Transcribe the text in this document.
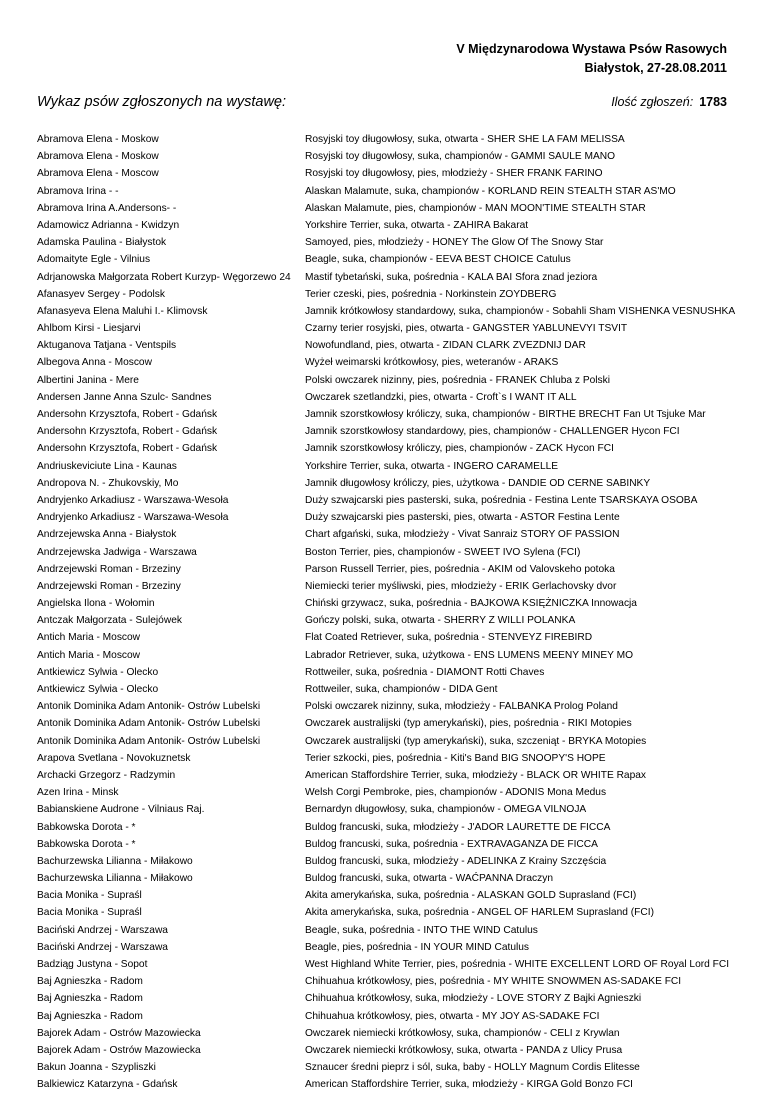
V Międzynarodowa Wystawa Psów Rasowych
Białystok, 27-28.08.2011
Wykaz psów zgłoszonych na wystawę:	Ilość zgłoszeń: 1783
Abramova Elena - Moskow	Rosyjski toy długowłosy, suka, otwarta - SHER SHE LA FAM MELISSA
Abramova Elena - Moskow	Rosyjski toy długowłosy, suka, championów - GAMMI SAULE MANO
Abramova Elena - Moscow	Rosyjski toy długowłosy, pies, młodzieży - SHER FRANK FARINO
Abramova Irina - -	Alaskan Malamute, suka, championów - KORLAND REIN STEALTH STAR AS'MO
Abramova Irina A.Andersons- -	Alaskan Malamute, pies, championów - MAN MOON'TIME STEALTH STAR
Adamowicz Adrianna - Kwidzyn	Yorkshire Terrier, suka, otwarta - ZAHIRA Bakarat
Adamska Paulina - Białystok	Samoyed, pies, młodzieży - HONEY The Glow Of The Snowy Star
Adomaityte Egle - Vilnius	Beagle, suka, championów - EEVA BEST CHOICE Catulus
Adrjanowska Małgorzata Robert Kurzyp- Węgorzewo 24	Mastif tybetański, suka, pośrednia - KALA BAI Sfora znad jeziora
Afanasyev Sergey - Podolsk	Terier czeski, pies, pośrednia - Norkinstein ZOYDBERG
Afanasyeva Elena Maluhi I.- Klimovsk	Jamnik krótkowłosy standardowy, suka, championów - Sobahli Sham VISHENKA VESNUSHKA
Ahlbom Kirsi - Liesjarvi	Czarny terier rosyjski, pies, otwarta - GANGSTER YABLUNEVYI TSVIT
Aktuganova Tatjana - Ventspils	Nowofundland, pies, otwarta - ZIDAN CLARK ZVEZDNIJ DAR
Albegova Anna - Moscow	Wyżeł weimarski krótkowłosy, pies, weteranów - ARAKS
Albertini Janina - Mere	Polski owczarek nizinny, pies, pośrednia - FRANEK Chluba z Polski
Andersen Janne Anna Szulc- Sandnes	Owczarek szetlandzki, pies, otwarta - Croft`s I WANT IT ALL
Andersohn Krzysztofa, Robert - Gdańsk	Jamnik szorstkowłosy króliczy, suka, championów - BIRTHE BRECHT Fan Ut Tsjuke Mar
Andersohn Krzysztofa, Robert - Gdańsk	Jamnik szorstkowłosy standardowy, pies, championów - CHALLENGER Hycon FCI
Andersohn Krzysztofa, Robert - Gdańsk	Jamnik szorstkowłosy króliczy, pies, championów - ZACK Hycon FCI
Andriuskeviciute Lina - Kaunas	Yorkshire Terrier, suka, otwarta - INGERO CARAMELLE
Andropova N. - Zhukovskiy, Mo	Jamnik długowłosy króliczy, pies, użytkowa - DANDIE OD CERNE SABINKY
Andryjenko Arkadiusz - Warszawa-Wesoła	Duży szwajcarski pies pasterski, suka, pośrednia - Festina Lente TSARSKAYA OSOBA
Andryjenko Arkadiusz - Warszawa-Wesoła	Duży szwajcarski pies pasterski, pies, otwarta - ASTOR Festina Lente
Andrzejewska Anna - Białystok	Chart afgański, suka, młodzieży - Vivat Sanraiz STORY OF PASSION
Andrzejewska Jadwiga - Warszawa	Boston Terrier, pies, championów - SWEET IVO Sylena (FCI)
Andrzejewski Roman - Brzeziny	Parson Russell Terrier, pies, pośrednia - AKIM od Valovskeho potoka
Andrzejewski Roman - Brzeziny	Niemiecki terier myśliwski, pies, młodzieży - ERIK Gerlachovsky dvor
Angielska Ilona - Wołomin	Chiński grzywacz, suka, pośrednia - BAJKOWA KSIĘŻNICZKA Innowacja
Antczak Małgorzata - Sulejówek	Gończy polski, suka, otwarta - SHERRY Z WILLI POLANKA
Antich Maria - Moscow	Flat Coated Retriever, suka, pośrednia - STENVEYZ FIREBIRD
Antich Maria - Moscow	Labrador Retriever, suka, użytkowa - ENS LUMENS MEENY MINEY MO
Antkiewicz Sylwia - Olecko	Rottweiler, suka, pośrednia - DIAMONT Rotti Chaves
Antkiewicz Sylwia - Olecko	Rottweiler, suka, championów - DIDA Gent
Antonik Dominika Adam Antonik- Ostrów Lubelski	Polski owczarek nizinny, suka, młodzieży - FALBANKA Prolog Poland
Antonik Dominika Adam Antonik- Ostrów Lubelski	Owczarek australijski (typ amerykański), pies, pośrednia - RIKI Motopies
Antonik Dominika Adam Antonik- Ostrów Lubelski	Owczarek australijski (typ amerykański), suka, szczeniąt - BRYKA Motopies
Arapova Svetlana - Novokuznetsk	Terier szkocki, pies, pośrednia - Kiti's Band BIG SNOOPY'S HOPE
Archacki Grzegorz - Radzymin	American Staffordshire Terrier, suka, młodzieży - BLACK OR WHITE Rapax
Azen Irina - Minsk	Welsh Corgi Pembroke, pies, championów - ADONIS Mona Medus
Babianskiene Audrone - Vilniaus Raj.	Bernardyn długowłosy, suka, championów - OMEGA VILNOJA
Babkowska Dorota - *	Buldog francuski, suka, młodzieży - J'ADOR LAURETTE DE FICCA
Babkowska Dorota - *	Buldog francuski, suka, pośrednia - EXTRAVAGANZA DE FICCA
Bachurzewska Lilianna - Miłakowo	Buldog francuski, suka, młodzieży - ADELINKA Z Krainy Szczęścia
Bachurzewska Lilianna - Miłakowo	Buldog francuski, suka, otwarta - WAĆPANNA Draczyn
Bacia Monika - Supraśl	Akita amerykańska, suka, pośrednia - ALASKAN GOLD Suprasland (FCI)
Bacia Monika - Supraśl	Akita amerykańska, suka, pośrednia - ANGEL OF HARLEM Suprasland (FCI)
Baciński Andrzej - Warszawa	Beagle, suka, pośrednia - INTO THE WIND Catulus
Baciński Andrzej - Warszawa	Beagle, pies, pośrednia - IN YOUR MIND Catulus
Badziąg Justyna - Sopot	West Highland White Terrier, pies, pośrednia - WHITE EXCELLENT LORD OF Royal Lord FCI
Baj Agnieszka - Radom	Chihuahua krótkowłosy, pies, pośrednia - MY WHITE SNOWMEN AS-SADAKE FCI
Baj Agnieszka - Radom	Chihuahua krótkowłosy, suka, młodzieży - LOVE STORY Z Bajki Agnieszki
Baj Agnieszka - Radom	Chihuahua krótkowłosy, pies, otwarta - MY JOY AS-SADAKE FCI
Bajorek Adam - Ostrów Mazowiecka	Owczarek niemiecki krótkowłosy, suka, championów - CELI z Krywlan
Bajorek Adam - Ostrów Mazowiecka	Owczarek niemiecki krótkowłosy, suka, otwarta - PANDA z Ulicy Prusa
Bakun Joanna - Szypliszki	Sznaucer średni pieprz i sól, suka, baby - HOLLY Magnum Cordis Elitesse
Balkiewicz Katarzyna - Gdańsk	American Staffordshire Terrier, suka, młodzieży - KIRGA Gold Bonzo FCI
